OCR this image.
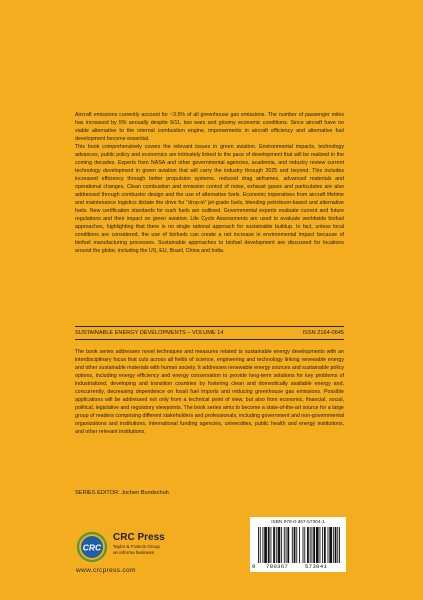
Aircraft emissions currently account for ~3.5% of all greenhouse gas emissions. The number of passenger miles has increased by 5% annually despite 9/11, two wars and gloomy economic conditions. Since aircraft have no viable alternative to the internal combustion engine, improvements in aircraft efficiency and alternative fuel development become essential.

This book comprehensively covers the relevant issues in green aviation. Environmental impacts, technology advances, public policy and economics are intricately linked to the pace of development that will be realized in the coming decades. Experts from NASA and other governmental agencies, academia, and industry review current technology development in green aviation that will carry the industry through 2025 and beyond. This includes increased efficiency through better propulsion systems, reduced drag airframes, advanced materials and operational changes. Clean combustion and emission control of noise, exhaust gases and particulates are also addressed through combustor design and the use of alternative fuels. Economic imperatives from aircraft lifetime and maintenance logistics dictate the drive for “drop-in” jet-grade fuels, blending petroleum-based and alternative fuels. New certification standards for such fuels are outlined. Governmental experts evaluate current and future regulations and their impact on green aviation. Life Cycle Assessments are used to evaluate worldwide biofuel approaches, highlighting that there is no single rational approach for sustainable buildup. In fact, unless local conditions are considered, the use of biofuels can create a net increase in environmental impact because of biofuel manufacturing processes. Sustainable approaches to biofuel development are discussed for locations around the globe, including the US, EU, Brazil, China and India.

SUSTAINABLE ENERGY DEVELOPMENTS – VOLUME 14	ISSN 2164-0645

The book series addresses novel techniques and measures related to sustainable energy developments with an interdisciplinary focus that cuts across all fields of science, engineering and technology linking renewable energy and other sustainable materials with human society. It addresses renewable energy sources and sustainable policy options, including energy efficiency and energy conservation to provide long-term solutions for key problems of industrialized, developing and transition countries by fostering clean and domestically available energy and, concurrently, decreasing dependence on fossil fuel imports and reducing greenhouse gas emissions. Possible applications will be addressed not only from a technical point of view, but also from economic, financial, social, political, legislative and regulatory viewpoints. The book series aims to become a state-of-the-art source for a large group of readers comprising different stakeholders and professionals, including government and non-governmental organizations and institutions, international funding agencies, universities, public health and energy institutions, and other relevant institutions.

SERIES EDITOR: Jochen Bundschuh
CRC
CRC Press
Taylor & Francis Group
an informa business
www.crcpress.com
ISBN 978-0-367-57304-1
9 780367	573041
